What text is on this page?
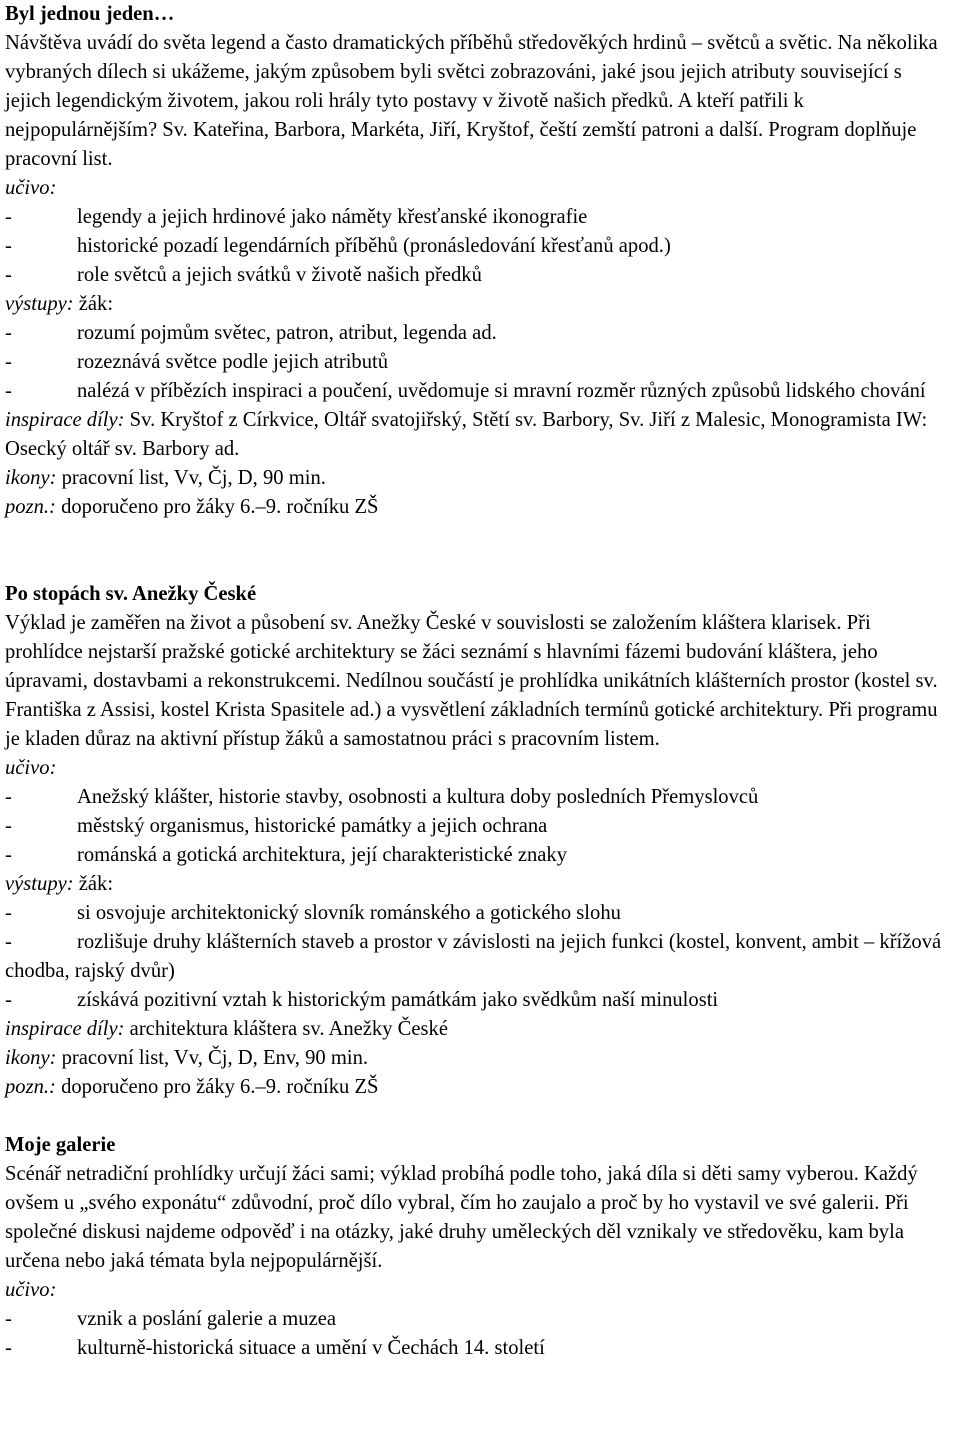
Byl jednou jeden…

Návštěva uvádí do světa legend a často dramatických příběhů středověkých hrdinů – světců a světic. Na několika vybraných dílech si ukážeme, jakým způsobem byli světci zobrazováni, jaké jsou jejich atributy související s jejich legendickým životem, jakou roli hrály tyto postavy v životě našich předků. A kteří patřili k nejpopulárnějším? Sv. Kateřina, Barbora, Markéta, Jiří, Kryštof, čeští zemští patroni a další. Program doplňuje pracovní list.

učivo:

-	legendy a jejich hrdinové jako náměty křesťanské ikonografie

-	historické pozadí legendárních příběhů (pronásledování křesťanů apod.)

-	role světců a jejich svátků v životě našich předků

výstupy: žák:

-	rozumí pojmům světec, patron, atribut, legenda ad.

-	rozeznává světce podle jejich atributů

-	nalézá v příbězích inspiraci a poučení, uvědomuje si mravní rozměr různých způsobů lidského chování

inspirace díly: Sv. Kryštof z Církvice, Oltář svatojiřský, Stětí sv. Barbory, Sv. Jiří z Malesic, Monogramista IW: Osecký oltář sv. Barbory ad.

ikony: pracovní list, Vv, Čj, D, 90 min.

pozn.: doporučeno pro žáky 6.–9. ročníku ZŠ

Po stopách sv. Anežky České

Výklad je zaměřen na život a působení sv. Anežky České v souvislosti se založením kláštera klarisek. Při prohlídce nejstarší pražské gotické architektury se žáci seznámí s hlavními fázemi budování kláštera, jeho úpravami, dostavbami a rekonstrukcemi. Nedílnou součástí je prohlídka unikátních klášterních prostor (kostel sv. Františka z Assisi, kostel Krista Spasitele ad.) a vysvětlení základních termínů gotické architektury. Při programu je kladen důraz na aktivní přístup žáků a samostatnou práci s pracovním listem.

učivo:

-	Anežský klášter, historie stavby, osobnosti a kultura doby posledních Přemyslovců

-	městský organismus, historické památky a jejich ochrana

-	románská a gotická architektura, její charakteristické znaky

výstupy: žák:

-	si osvojuje architektonický slovník románského a gotického slohu

-	rozlišuje druhy klášterních staveb a prostor v závislosti na jejich funkci (kostel, konvent, ambit – křížová chodba, rajský dvůr)

-	získává pozitivní vztah k historickým památkám jako svědkům naší minulosti

inspirace díly: architektura kláštera sv. Anežky České

ikony: pracovní list, Vv, Čj, D, Env, 90 min.

pozn.: doporučeno pro žáky 6.–9. ročníku ZŠ

Moje galerie

Scénář netradiční prohlídky určují žáci sami; výklad probíhá podle toho, jaká díla si děti samy vyberou. Každý ovšem u „svého exponátu“ zdůvodní, proč dílo vybral, čím ho zaujalo a proč by ho vystavil ve své galerii. Při společné diskusi najdeme odpověď i na otázky, jaké druhy uměleckých děl vznikaly ve středověku, kam byla určena nebo jaká témata byla nejpopulárnější.

učivo:

-	vznik a poslání galerie a muzea

-	kulturně-historická situace a umění v Čechách 14. století
